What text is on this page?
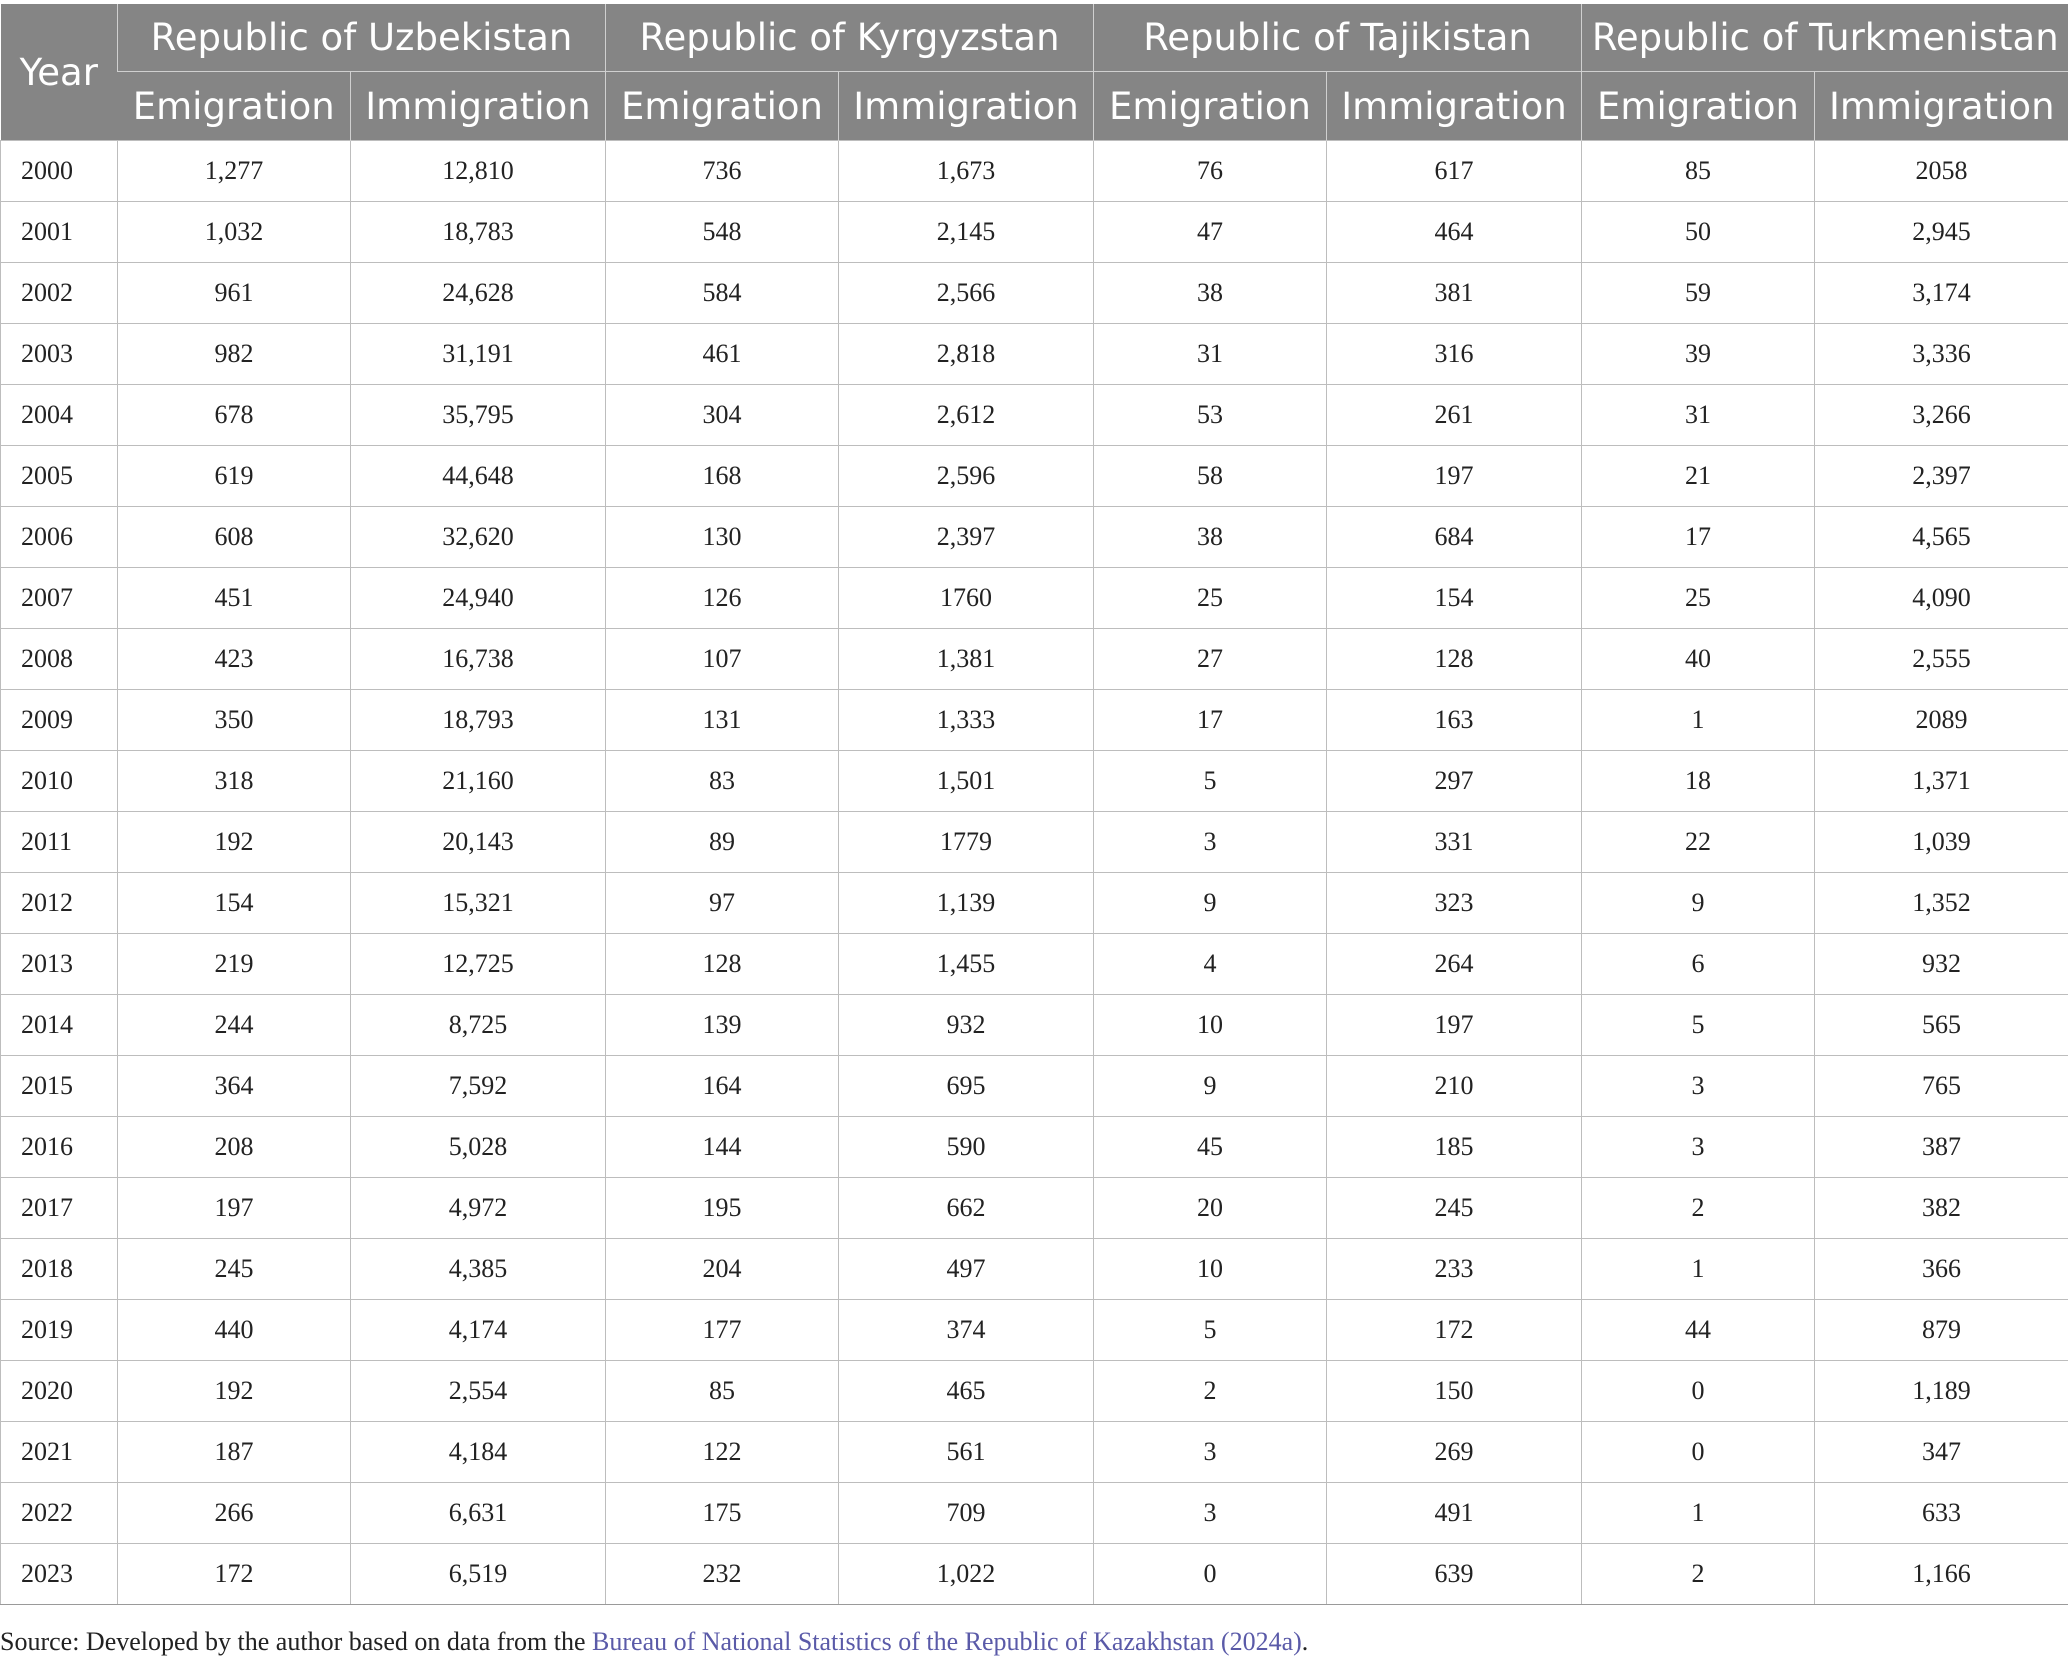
Year	Republic of Uzbekistan		Republic of Kyrgyzstan		Republic of Tajikistan		Republic of Turkmenistan	
	Emigration	Immigration	Emigration	Immigration	Emigration	Immigration	Emigration	Immigration
2000	1,277	12,810	736	1,673	76	617	85	2058
2001	1,032	18,783	548	2,145	47	464	50	2,945
2002	961	24,628	584	2,566	38	381	59	3,174
2003	982	31,191	461	2,818	31	316	39	3,336
2004	678	35,795	304	2,612	53	261	31	3,266
2005	619	44,648	168	2,596	58	197	21	2,397
2006	608	32,620	130	2,397	38	684	17	4,565
2007	451	24,940	126	1760	25	154	25	4,090
2008	423	16,738	107	1,381	27	128	40	2,555
2009	350	18,793	131	1,333	17	163	1	2089
2010	318	21,160	83	1,501	5	297	18	1,371
2011	192	20,143	89	1779	3	331	22	1,039
2012	154	15,321	97	1,139	9	323	9	1,352
2013	219	12,725	128	1,455	4	264	6	932
2014	244	8,725	139	932	10	197	5	565
2015	364	7,592	164	695	9	210	3	765
2016	208	5,028	144	590	45	185	3	387
2017	197	4,972	195	662	20	245	2	382
2018	245	4,385	204	497	10	233	1	366
2019	440	4,174	177	374	5	172	44	879
2020	192	2,554	85	465	2	150	0	1,189
2021	187	4,184	122	561	3	269	0	347
2022	266	6,631	175	709	3	491	1	633
2023	172	6,519	232	1,022	0	639	2	1,166
Source: Developed by the author based on data from the Bureau of National Statistics of the Republic of Kazakhstan (2024a).
